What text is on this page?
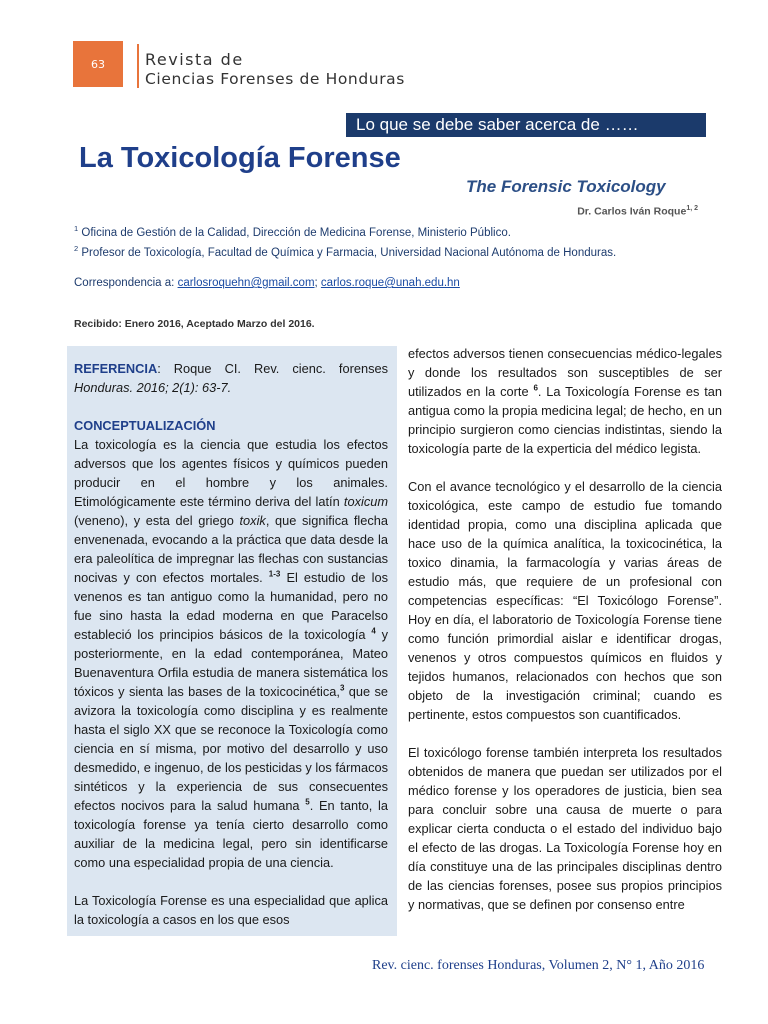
63	Revista de
Ciencias Forenses de Honduras
Lo que se debe saber acerca de ……
La Toxicología Forense
The Forensic Toxicology
Dr. Carlos Iván Roque$^{1, 2}$
$^1$ Oficina de Gestión de la Calidad, Dirección de Medicina Forense, Ministerio Público.
$^2$ Profesor de Toxicología, Facultad de Química y Farmacia, Universidad Nacional Autónoma de Honduras.
Correspondencia a: carlosroquehn@gmail.com; carlos.roque@unah.edu.hn
Recibido: Enero 2016, Aceptado Marzo del 2016.

REFERENCIA: Roque CI. Rev. cienc. forenses Honduras. 2016; 2(1): 63-7.

CONCEPTUALIZACIÓN
La toxicología es la ciencia que estudia los efectos adversos que los agentes físicos y químicos pueden producir en el hombre y los animales. Etimológicamente este término deriva del latín toxicum (veneno), y esta del griego toxik, que significa flecha envenenada, evocando a la práctica que data desde la era paleolítica de impregnar las flechas con sustancias nocivas y con efectos mortales. $^{1-3}$ El estudio de los venenos es tan antiguo como la humanidad, pero no fue sino hasta la edad moderna en que Paracelso estableció los principios básicos de la toxicología $^4$ y posteriormente, en la edad contemporánea, Mateo Buenaventura Orfila estudia de manera sistemática los tóxicos y sienta las bases de la toxicocinética,$^3$ que se avizora la toxicología como disciplina y es realmente hasta el siglo XX que se reconoce la Toxicología como ciencia en sí misma, por motivo del desarrollo y uso desmedido, e ingenuo, de los pesticidas y los fármacos sintéticos y la experiencia de sus consecuentes efectos nocivos para la salud humana $^5$. En tanto, la toxicología forense ya tenía cierto desarrollo como auxiliar de la medicina legal, pero sin identificarse como una especialidad propia de una ciencia.

La Toxicología Forense es una especialidad que aplica la toxicología a casos en los que esos

efectos adversos tienen consecuencias médico-legales y donde los resultados son susceptibles de ser utilizados en la corte $^6$. La Toxicología Forense es tan antigua como la propia medicina legal; de hecho, en un principio surgieron como ciencias indistintas, siendo la toxicología parte de la experticia del médico legista.

Con el avance tecnológico y el desarrollo de la ciencia toxicológica, este campo de estudio fue tomando identidad propia, como una disciplina aplicada que hace uso de la química analítica, la toxicocinética, la toxico dinamia, la farmacología y varias áreas de estudio más, que requiere de un profesional con competencias específicas: “El Toxicólogo Forense”. Hoy en día, el laboratorio de Toxicología Forense tiene como función primordial aislar e identificar drogas, venenos y otros compuestos químicos en fluidos y tejidos humanos, relacionados con hechos que son objeto de la investigación criminal; cuando es pertinente, estos compuestos son cuantificados.

El toxicólogo forense también interpreta los resultados obtenidos de manera que puedan ser utilizados por el médico forense y los operadores de justicia, bien sea para concluir sobre una causa de muerte o para explicar cierta conducta o el estado del individuo bajo el efecto de las drogas. La Toxicología Forense hoy en día constituye una de las principales disciplinas dentro de las ciencias forenses, posee sus propios principios y normativas, que se definen por consenso entre

Rev. cienc. forenses Honduras, Volumen 2, N° 1, Año 2016
